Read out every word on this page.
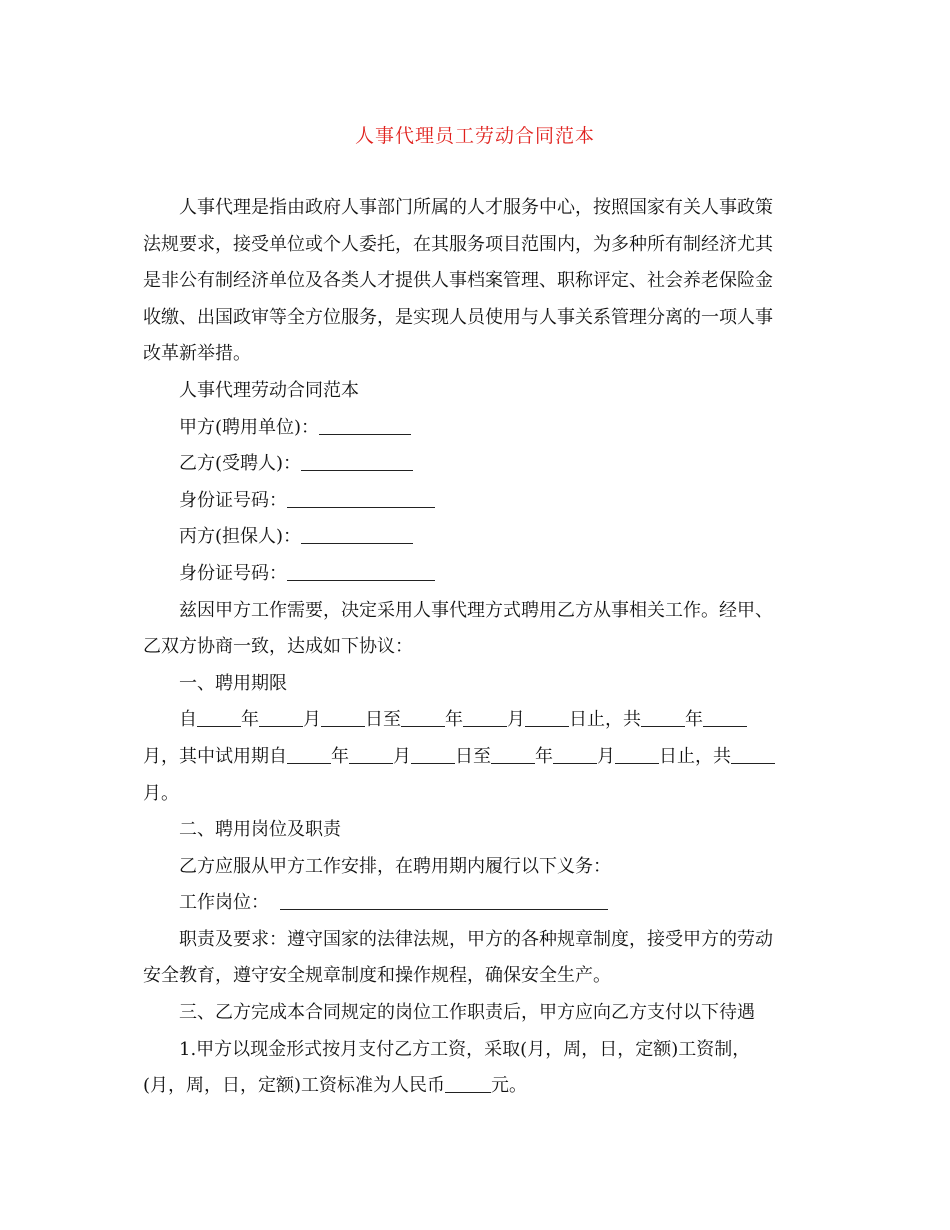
人事代理员工劳动合同范本

人事代理是指由政府人事部门所属的人才服务中心，按照国家有关人事政策

法规要求，接受单位或个人委托，在其服务项目范围内，为多种所有制经济尤其

是非公有制经济单位及各类人才提供人事档案管理、职称评定、社会养老保险金

收缴、出国政审等全方位服务，是实现人员使用与人事关系管理分离的一项人事

改革新举措。

人事代理劳动合同范本

甲方(聘用单位)：

乙方(受聘人)：

身份证号码：

丙方(担保人)：

身份证号码：

兹因甲方工作需要，决定采用人事代理方式聘用乙方从事相关工作。经甲、

乙双方协商一致，达成如下协议：

一、聘用期限

自 年 月 日至 年 月 日止，共 年

月，其中试用期自 年 月 日至 年 月 日止，共

月。

二、聘用岗位及职责

乙方应服从甲方工作安排，在聘用期内履行以下义务：

工作岗位：

职责及要求：遵守国家的法律法规，甲方的各种规章制度，接受甲方的劳动

安全教育，遵守安全规章制度和操作规程，确保安全生产。

三、乙方完成本合同规定的岗位工作职责后，甲方应向乙方支付以下待遇

1.甲方以现金形式按月支付乙方工资，采取(月，周，日，定额)工资制，

(月，周，日，定额)工资标准为人民币	元。
